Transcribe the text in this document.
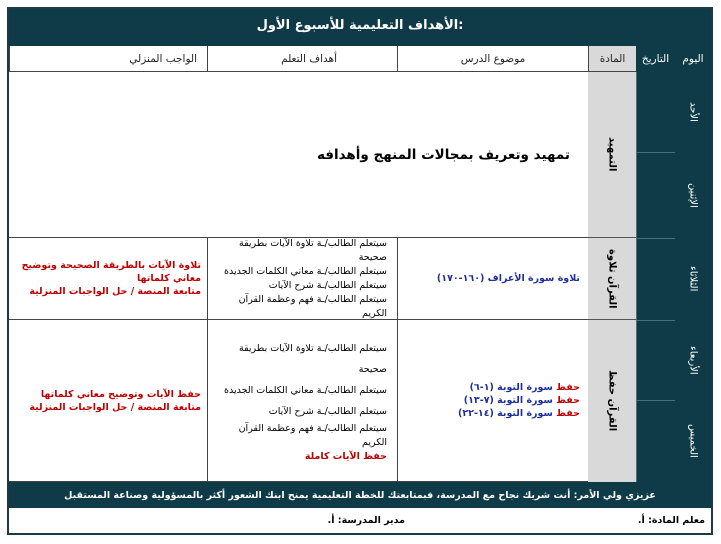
الأهداف التعليمية للأسبوع الأول:
اليوم
التاريخ
المادة
موضوع الدرس
أهداف التعلم
الواجب المنزلي
الأحد
الإثنين
الثلاثاء
الأربعاء
الخميس
التمهيد
القرآن تلاوة
القرآن حفظ
تمهيد وتعريف بمجالات المنهج وأهدافه
تلاوة سورة الأعراف (١٦٠-١٧٠)
سيتعلم الطالب/ـة تلاوة الآيات بطريقة صحيحة
سيتعلم الطالب/ـة معاني الكلمات الجديدة
سيتعلم الطالب/ـة شرح الآيات
سيتعلم الطالب/ـة فهم وعظمة القرآن الكريم
تلاوة الآيات بالطريقة الصحيحة وتوضيح معاني كلماتها
متابعة المنصة / حل الواجبات المنزلية
حفظ سورة التوبة (١-٦)
حفظ سورة التوبة (٧-١٣)
حفظ سورة التوبة (١٤-٢٢)
سيتعلم الطالب/ـة تلاوة الآيات بطريقة صحيحة
سيتعلم الطالب/ـة معاني الكلمات الجديدة
سيتعلم الطالب/ـة شرح الآيات
سيتعلم الطالب/ـة فهم وعظمة القرآن الكريم
حفظ الآيات كاملة
حفظ الآيات وتوضيح معاني كلماتها
متابعة المنصة / حل الواجبات المنزلية
عزيزي ولي الأمر: أنت شريك نجاح مع المدرسة، فبمتابعتك للخطة التعليمية يمنح ابنك الشعور أكثر بالمسؤولية وصناعة المستقبل
معلم المادة: أ.
مدير المدرسة: أ.
